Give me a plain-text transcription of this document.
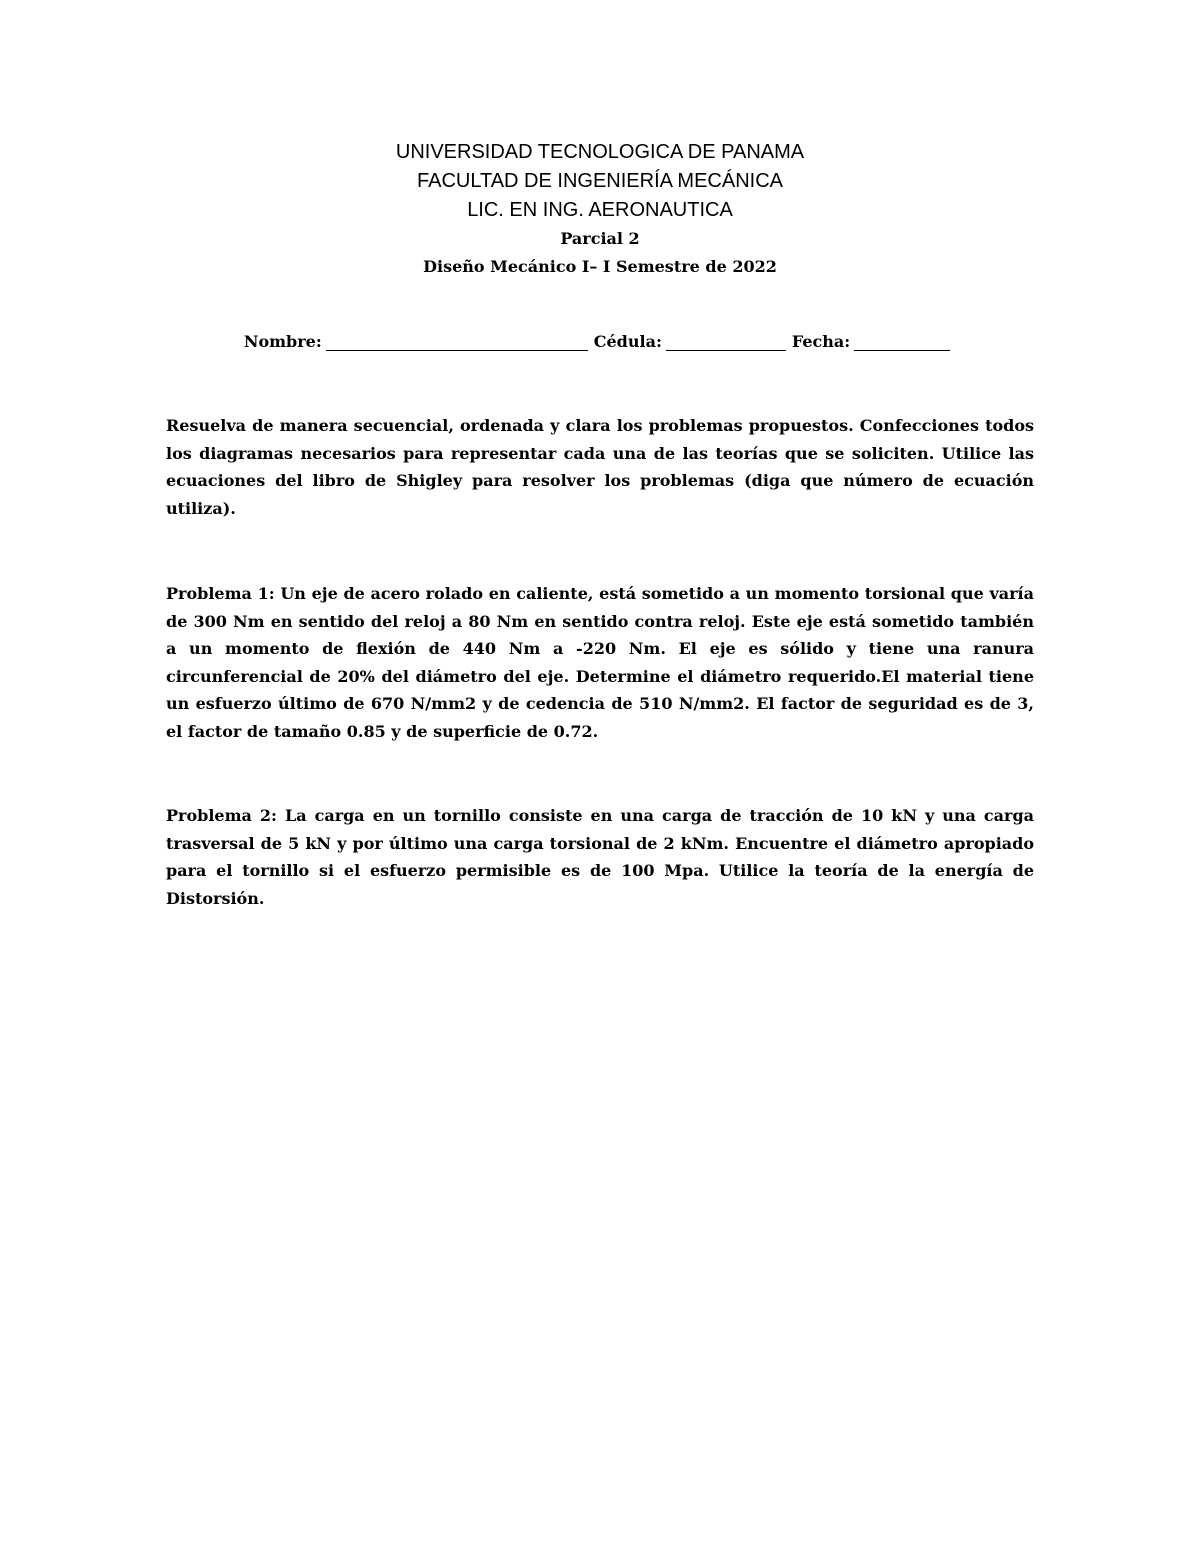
UNIVERSIDAD TECNOLOGICA DE PANAMA
FACULTAD DE INGENIERÍA MECÁNICA
LIC. EN ING. AERONAUTICA
Parcial 2
Diseño Mecánico I– I Semestre de 2022
Nombre:	Cédula:	Fecha:
Resuelva de manera secuencial, ordenada y clara los problemas propuestos. Confecciones todos los diagramas necesarios para representar cada una de las teorías que se soliciten. Utilice las ecuaciones del libro de Shigley para resolver los problemas (diga que número de ecuación utiliza).
Problema 1: Un eje de acero rolado en caliente, está sometido a un momento torsional que varía de 300 Nm en sentido del reloj a 80 Nm en sentido contra reloj. Este eje está sometido también a un momento de flexión de 440 Nm a -220 Nm. El eje es sólido y tiene una ranura circunferencial de 20% del diámetro del eje. Determine el diámetro requerido.El material tiene un esfuerzo último de 670 N/mm2 y de cedencia de 510 N/mm2. El factor de seguridad es de 3, el factor de tamaño 0.85 y de superficie de 0.72.
Problema 2: La carga en un tornillo consiste en una carga de tracción de 10 kN y una carga trasversal de 5 kN y por último una carga torsional de 2 kNm. Encuentre el diámetro apropiado para el tornillo si el esfuerzo permisible es de 100 Mpa. Utilice la teoría de la energía de Distorsión.
